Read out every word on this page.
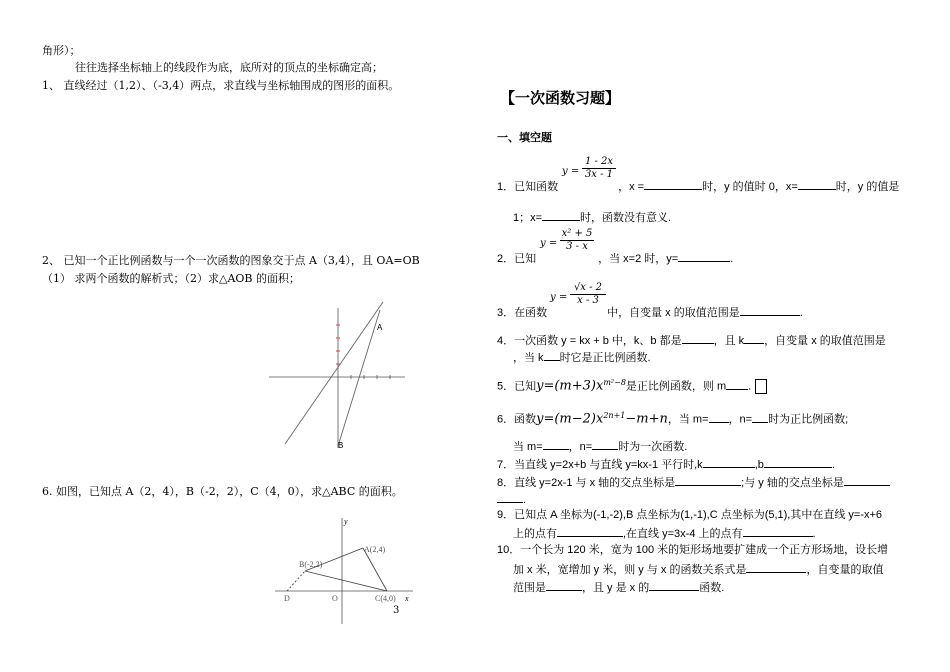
角形）；
往往选择坐标轴上的线段作为底，底所对的顶点的坐标确定高；
1、 直线经过（1,2）、（-3,4）两点，求直线与坐标轴围成的图形的面积。
2、 已知一个正比例函数与一个一次函数的图象交于点 A（3,4），且 OA=OB
（1） 求两个函数的解析式；（2）求△AOB 的面积；
A
B
6. 如图，已知点 A（2，4），B（-2，2），C（4，0），求△ABC 的面积。
y
A(2,4)
B(-2,2)
D	O	C(4,0) x
3
【一次函数习题】
一、填空题
1．已知函数	，x =	时，y 的值时 0，x=	时，y 的值是
y =
1 - 2x
3x - 1
1；x=	时，函数没有意义.
2．已知	，当 x=2 时，y=	.
y =
x² + 5
3 - x
3．在函数	中，自变量 x 的取值范围是	.
y =
√x - 2
x - 3
4．一次函数 y = kx + b 中，k、b 都是	，且 k ，自变量 x 的取值范围是
，当 k 时它是正比例函数.
5．已知$y=(m+3)x^{m^2-8}$是正比例函数，则 m .
6．函数$y=(m-2)x^{2n+1}-m+n$，当 m= ，n= 时为正比例函数;
当 m= ，n= 时为一次函数.
7．当直线 y=2x+b 与直线 y=kx-1 平行时,k	,b	.
8．直线 y=2x-1 与 x 轴的交点坐标是	;与 y 轴的交点坐标是
.
9．已知点 A 坐标为(-1,-2),B 点坐标为(1,-1),C 点坐标为(5,1),其中在直线 y=-x+6
上的点有	,在直线 y=3x-4 上的点有	.
10．一个长为 120 米，宽为 100 米的矩形场地要扩建成一个正方形场地，设长增
加 x 米，宽增加 y 米，则 y 与 x 的函数关系式是	，自变量的取值
范围是	，且 y 是 x 的	函数.
